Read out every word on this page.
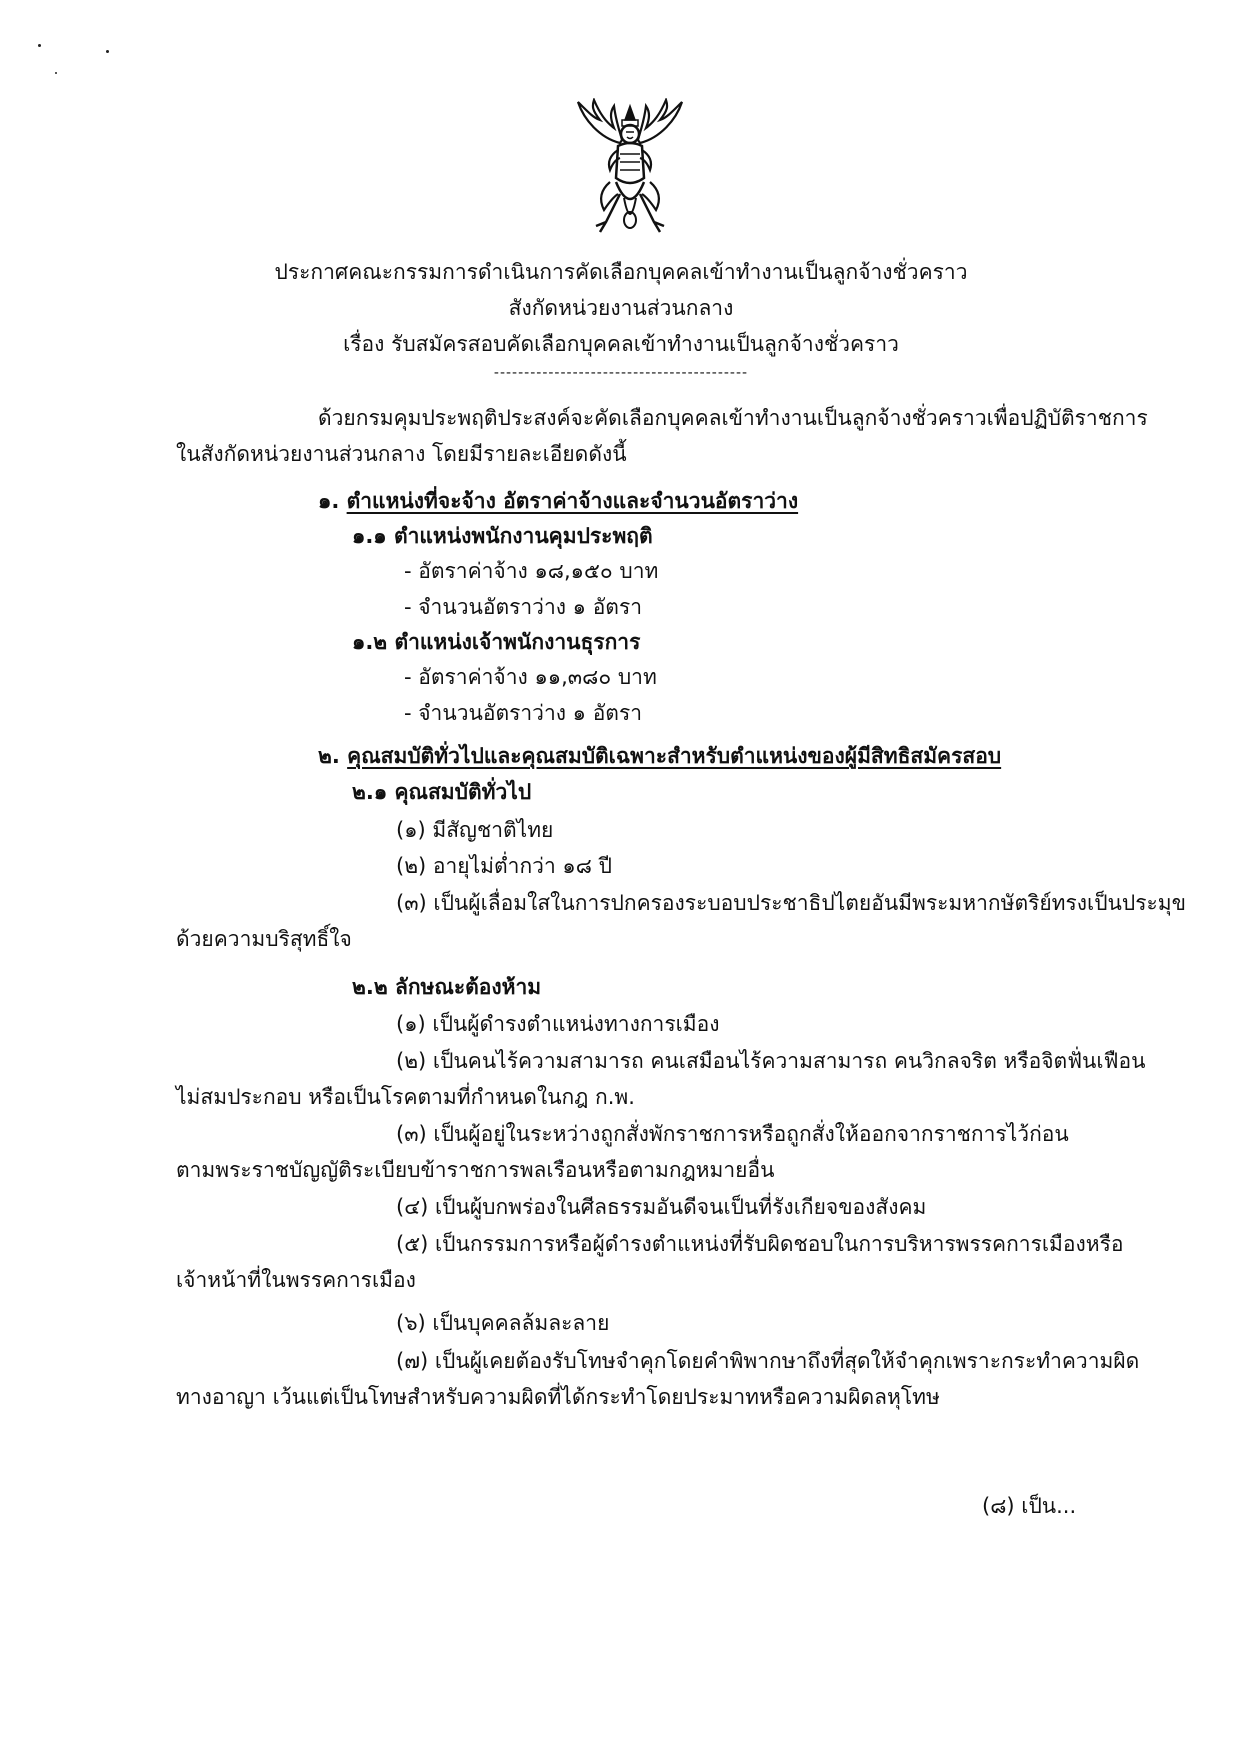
ประกาศคณะกรรมการดำเนินการคัดเลือกบุคคลเข้าทำงานเป็นลูกจ้างชั่วคราว
สังกัดหน่วยงานส่วนกลาง
เรื่อง รับสมัครสอบคัดเลือกบุคคลเข้าทำงานเป็นลูกจ้างชั่วคราว
------------------------------------------
ด้วยกรมคุมประพฤติประสงค์จะคัดเลือกบุคคลเข้าทำงานเป็นลูกจ้างชั่วคราวเพื่อปฏิบัติราชการ
ในสังกัดหน่วยงานส่วนกลาง โดยมีรายละเอียดดังนี้
๑. ตำแหน่งที่จะจ้าง อัตราค่าจ้างและจำนวนอัตราว่าง
๑.๑ ตำแหน่งพนักงานคุมประพฤติ
- อัตราค่าจ้าง ๑๘,๑๕๐ บาท
- จำนวนอัตราว่าง ๑ อัตรา
๑.๒ ตำแหน่งเจ้าพนักงานธุรการ
- อัตราค่าจ้าง ๑๑,๓๘๐ บาท
- จำนวนอัตราว่าง ๑ อัตรา
๒. คุณสมบัติทั่วไปและคุณสมบัติเฉพาะสำหรับตำแหน่งของผู้มีสิทธิสมัครสอบ
๒.๑ คุณสมบัติทั่วไป
(๑) มีสัญชาติไทย
(๒) อายุไม่ต่ำกว่า ๑๘ ปี
(๓) เป็นผู้เลื่อมใสในการปกครองระบอบประชาธิปไตยอันมีพระมหากษัตริย์ทรงเป็นประมุข
ด้วยความบริสุทธิ์ใจ
๒.๒ ลักษณะต้องห้าม
(๑) เป็นผู้ดำรงตำแหน่งทางการเมือง
(๒) เป็นคนไร้ความสามารถ คนเสมือนไร้ความสามารถ คนวิกลจริต หรือจิตฟั่นเฟือน
ไม่สมประกอบ หรือเป็นโรคตามที่กำหนดในกฎ ก.พ.
(๓) เป็นผู้อยู่ในระหว่างถูกสั่งพักราชการหรือถูกสั่งให้ออกจากราชการไว้ก่อน
ตามพระราชบัญญัติระเบียบข้าราชการพลเรือนหรือตามกฎหมายอื่น
(๔) เป็นผู้บกพร่องในศีลธรรมอันดีจนเป็นที่รังเกียจของสังคม
(๕) เป็นกรรมการหรือผู้ดำรงตำแหน่งที่รับผิดชอบในการบริหารพรรคการเมืองหรือ
เจ้าหน้าที่ในพรรคการเมือง
(๖) เป็นบุคคลล้มละลาย
(๗) เป็นผู้เคยต้องรับโทษจำคุกโดยคำพิพากษาถึงที่สุดให้จำคุกเพราะกระทำความผิด
ทางอาญา เว้นแต่เป็นโทษสำหรับความผิดที่ได้กระทำโดยประมาทหรือความผิดลหุโทษ
(๘) เป็น...
